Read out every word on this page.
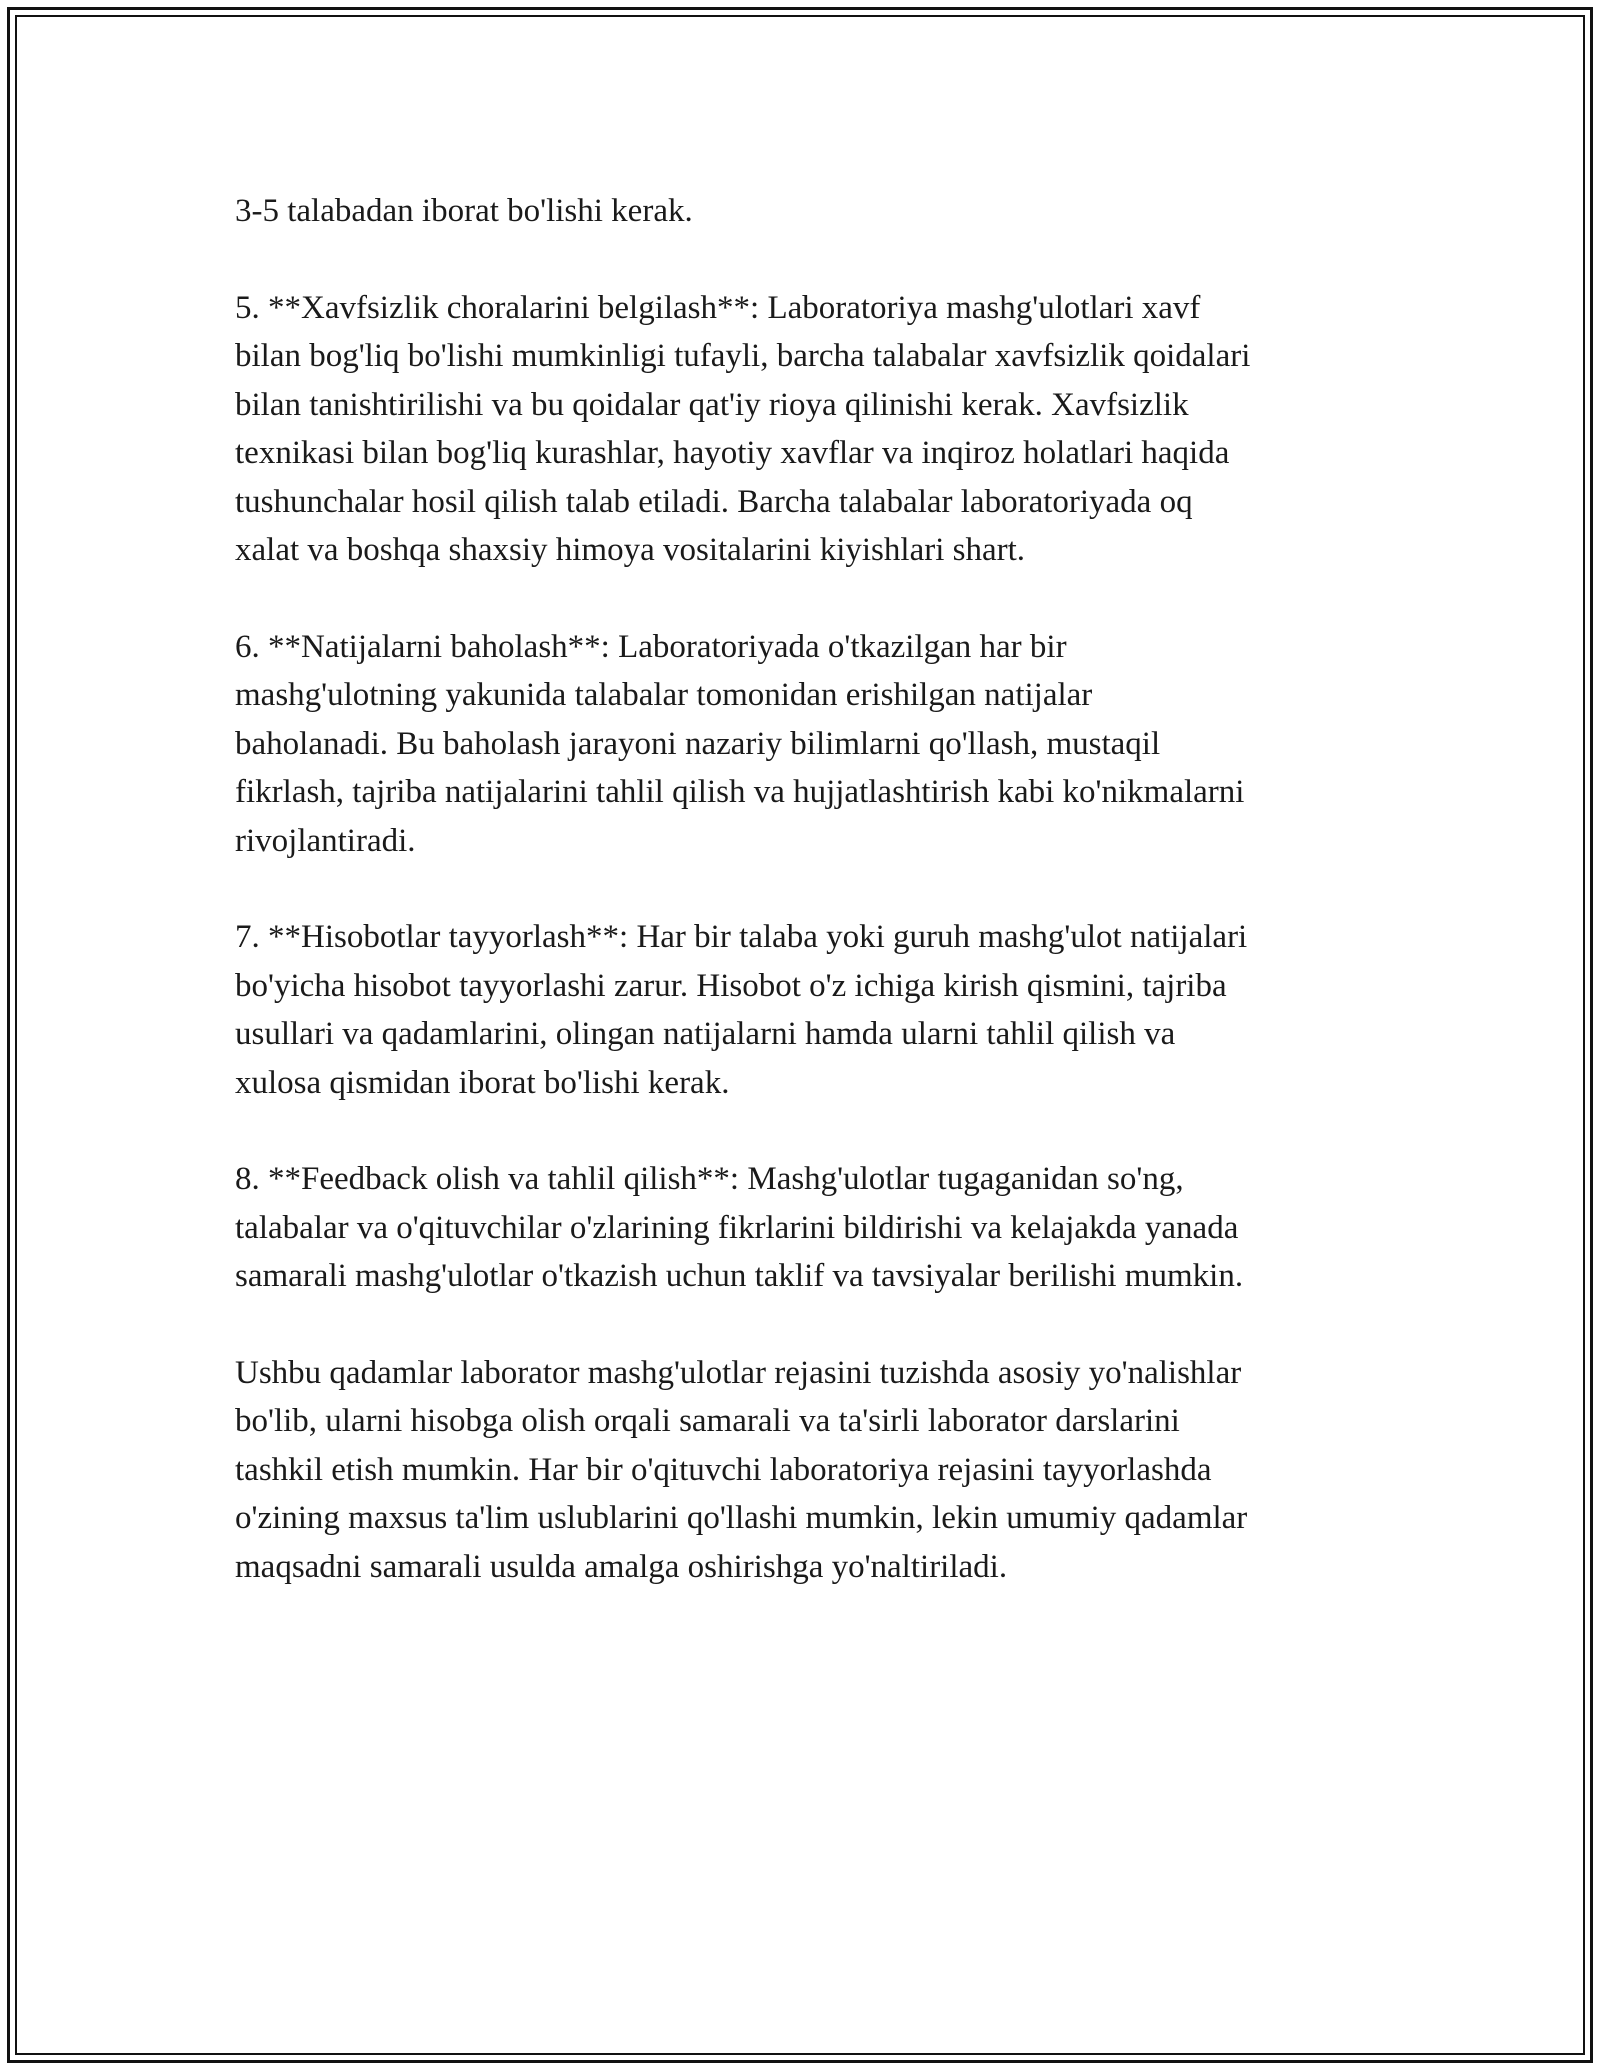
3-5 talabadan iborat bo'lishi kerak.

5. **Xavfsizlik choralarini belgilash**: Laboratoriya mashg'ulotlari xavf
bilan bog'liq bo'lishi mumkinligi tufayli, barcha talabalar xavfsizlik qoidalari
bilan tanishtirilishi va bu qoidalar qat'iy rioya qilinishi kerak. Xavfsizlik
texnikasi bilan bog'liq kurashlar, hayotiy xavflar va inqiroz holatlari haqida
tushunchalar hosil qilish talab etiladi. Barcha talabalar laboratoriyada oq
xalat va boshqa shaxsiy himoya vositalarini kiyishlari shart.

6. **Natijalarni baholash**: Laboratoriyada o'tkazilgan har bir
mashg'ulotning yakunida talabalar tomonidan erishilgan natijalar
baholanadi. Bu baholash jarayoni nazariy bilimlarni qo'llash, mustaqil
fikrlash, tajriba natijalarini tahlil qilish va hujjatlashtirish kabi ko'nikmalarni
rivojlantiradi.

7. **Hisobotlar tayyorlash**: Har bir talaba yoki guruh mashg'ulot natijalari
bo'yicha hisobot tayyorlashi zarur. Hisobot o'z ichiga kirish qismini, tajriba
usullari va qadamlarini, olingan natijalarni hamda ularni tahlil qilish va
xulosa qismidan iborat bo'lishi kerak.

8. **Feedback olish va tahlil qilish**: Mashg'ulotlar tugaganidan so'ng,
talabalar va o'qituvchilar o'zlarining fikrlarini bildirishi va kelajakda yanada
samarali mashg'ulotlar o'tkazish uchun taklif va tavsiyalar berilishi mumkin.

Ushbu qadamlar laborator mashg'ulotlar rejasini tuzishda asosiy yo'nalishlar
bo'lib, ularni hisobga olish orqali samarali va ta'sirli laborator darslarini
tashkil etish mumkin. Har bir o'qituvchi laboratoriya rejasini tayyorlashda
o'zining maxsus ta'lim uslublarini qo'llashi mumkin, lekin umumiy qadamlar
maqsadni samarali usulda amalga oshirishga yo'naltiriladi.
